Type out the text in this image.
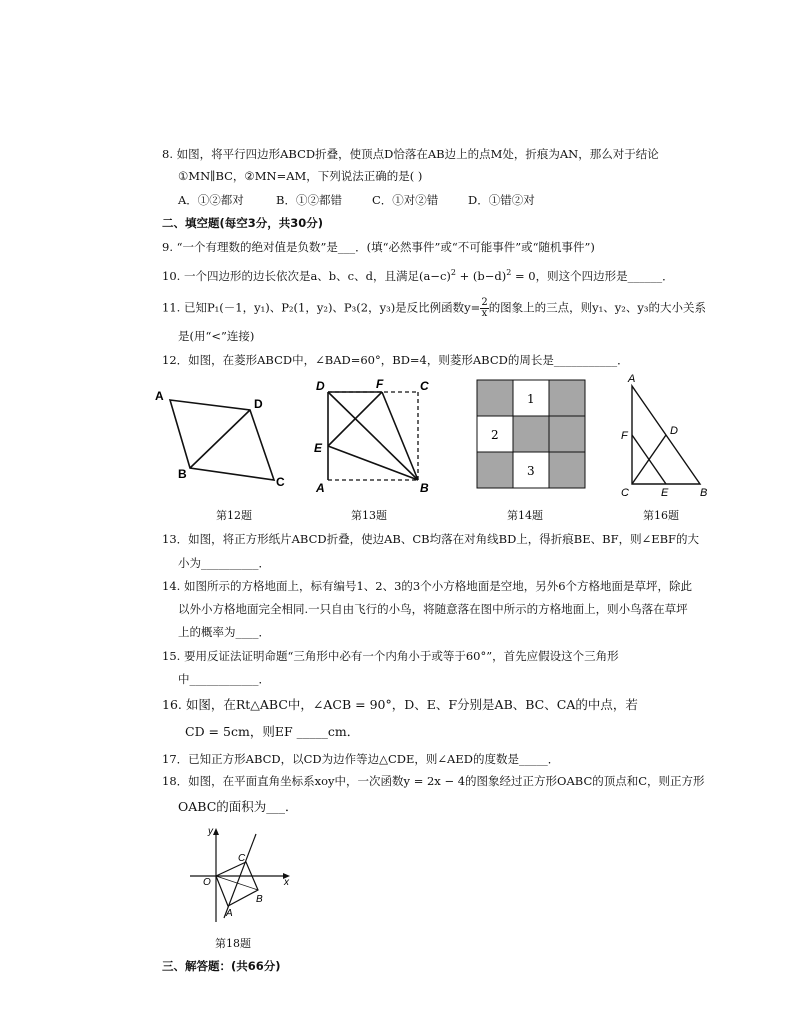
8. 如图，将平行四边形ABCD折叠，使顶点D恰落在AB边上的点M处，折痕为AN，那么对于结论
①MN∥BC，②MN=AM，下列说法正确的是( )
A．①②都对	B．①②都错	C．①对②错	D．①错②对
二、填空题(每空3分，共30分)
9. “一个有理数的绝对值是负数”是___．(填“必然事件”或“不可能事件”或“随机事件”)
10. 一个四边形的边长依次是a、b、c、d，且满足$(a-c)^2 + (b-d)^2 = 0$，则这个四边形是______．
11. 已知P₁(－1，y₁)、P₂(1，y₂)、P₃(2，y₃)是反比例函数$y= \frac{2}{x}$ 的图象上的三点，则y₁、y₂、y₃的大小关系
是(用“<”连接)
12．如图，在菱形ABCD中，∠BAD=60°，BD=4，则菱形ABCD的周长是___________．
A
D
B
C
D	F	C
E
A	B
1
2
3
A
D
F
C	E	B
第12题	第13题	第14题	第16题
13．如图，将正方形纸片ABCD折叠，使边AB、CB均落在对角线BD上，得折痕BE、BF，则∠EBF的大
小为__________．
14. 如图所示的方格地面上，标有编号1、2、3的3个小方格地面是空地，另外6个方格地面是草坪，除此
以外小方格地面完全相同.一只自由飞行的小鸟，将随意落在图中所示的方格地面上，则小鸟落在草坪
上的概率为____．
15. 要用反证法证明命题“三角形中必有一个内角小于或等于60°”，首先应假设这个三角形
中____________．
16. 如图，在Rt△ABC中，∠ACB = 90°，D、E、F分别是AB、BC、CA的中点，若
CD = 5cm，则EF _____cm．
17．已知正方形ABCD，以CD为边作等边△CDE，则∠AED的度数是_____．
18．如图，在平面直角坐标系xoy中，一次函数y = 2x − 4的图象经过正方形OABC的顶点和C，则正方形
OABC的面积为___．
y
C
O	x
B
A
第18题
三、解答题：(共66分)
